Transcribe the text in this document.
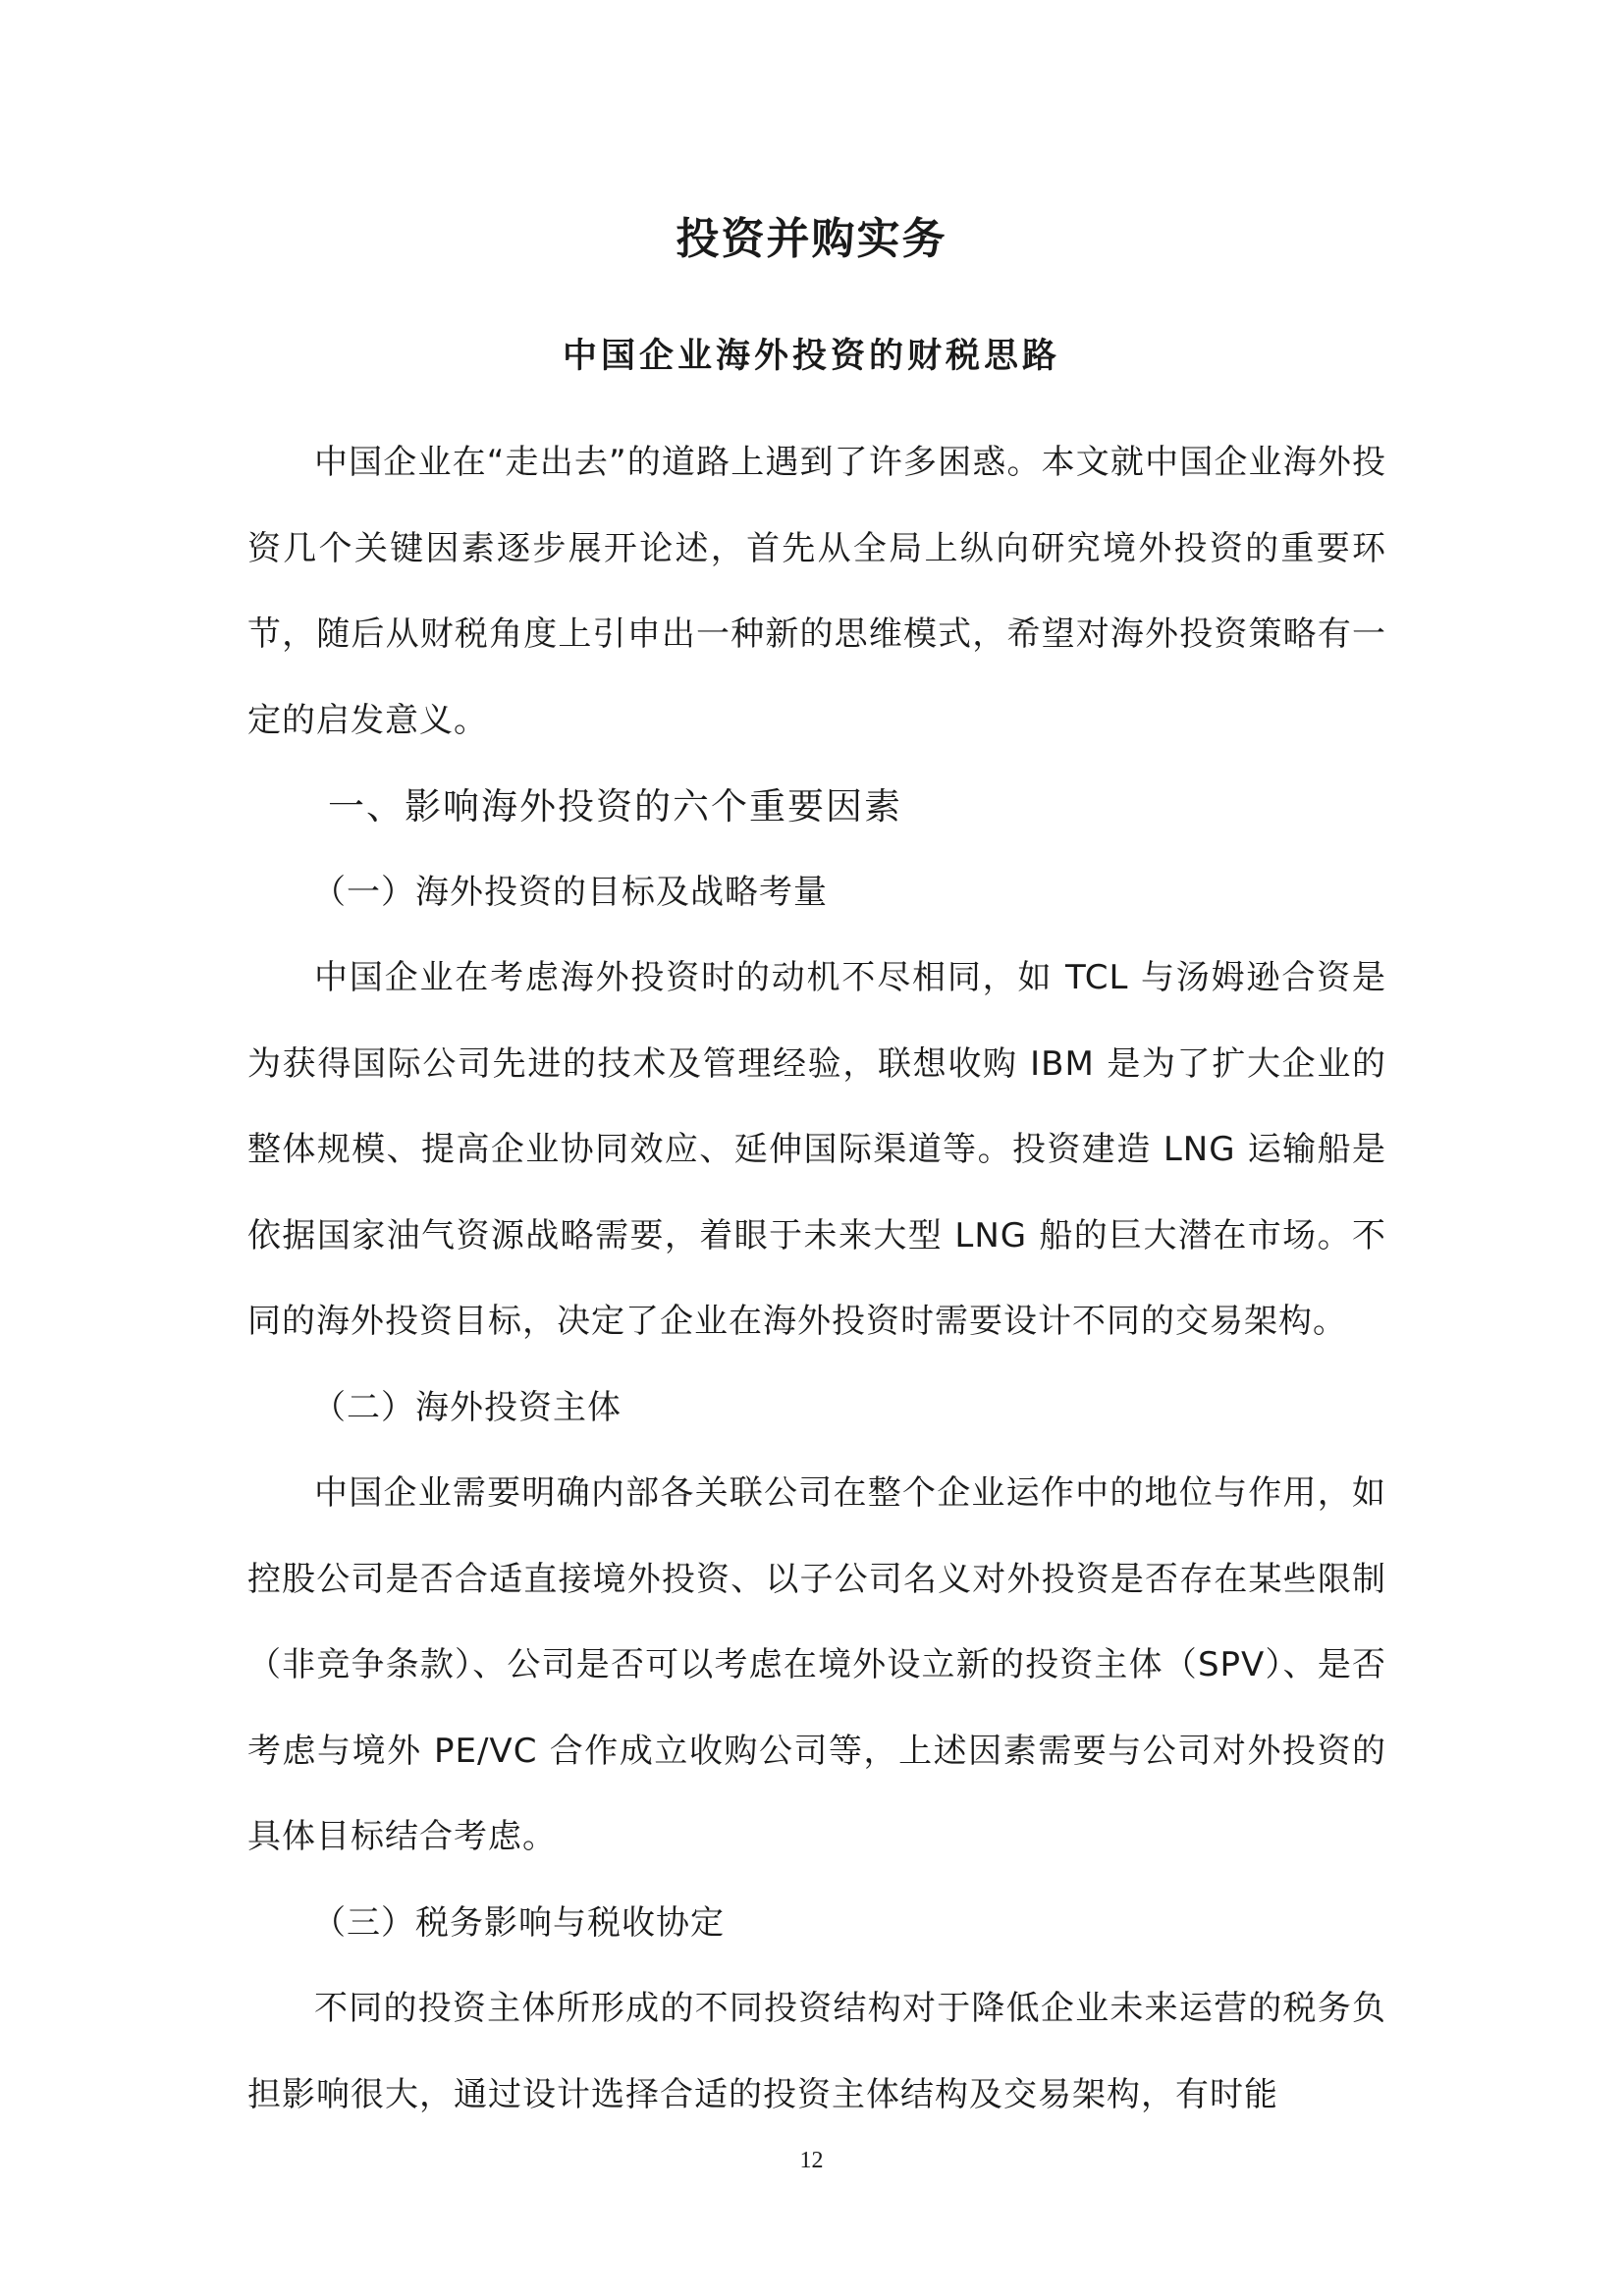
投资并购实务
中国企业海外投资的财税思路

中国企业在“走出去”的道路上遇到了许多困惑。本文就中国企业海外投资几个关键因素逐步展开论述，首先从全局上纵向研究境外投资的重要环节，随后从财税角度上引申出一种新的思维模式，希望对海外投资策略有一定的启发意义。

一、影响海外投资的六个重要因素
（一）海外投资的目标及战略考量

中国企业在考虑海外投资时的动机不尽相同，如 TCL 与汤姆逊合资是为获得国际公司先进的技术及管理经验，联想收购 IBM 是为了扩大企业的整体规模、提高企业协同效应、延伸国际渠道等。投资建造 LNG 运输船是依据国家油气资源战略需要，着眼于未来大型 LNG 船的巨大潜在市场。不同的海外投资目标，决定了企业在海外投资时需要设计不同的交易架构。

（二）海外投资主体

中国企业需要明确内部各关联公司在整个企业运作中的地位与作用，如控股公司是否合适直接境外投资、以子公司名义对外投资是否存在某些限制（非竞争条款）、公司是否可以考虑在境外设立新的投资主体（SPV）、是否考虑与境外 PE/VC 合作成立收购公司等，上述因素需要与公司对外投资的具体目标结合考虑。

（三）税务影响与税收协定

不同的投资主体所形成的不同投资结构对于降低企业未来运营的税务负担影响很大，通过设计选择合适的投资主体结构及交易架构，有时能

12
